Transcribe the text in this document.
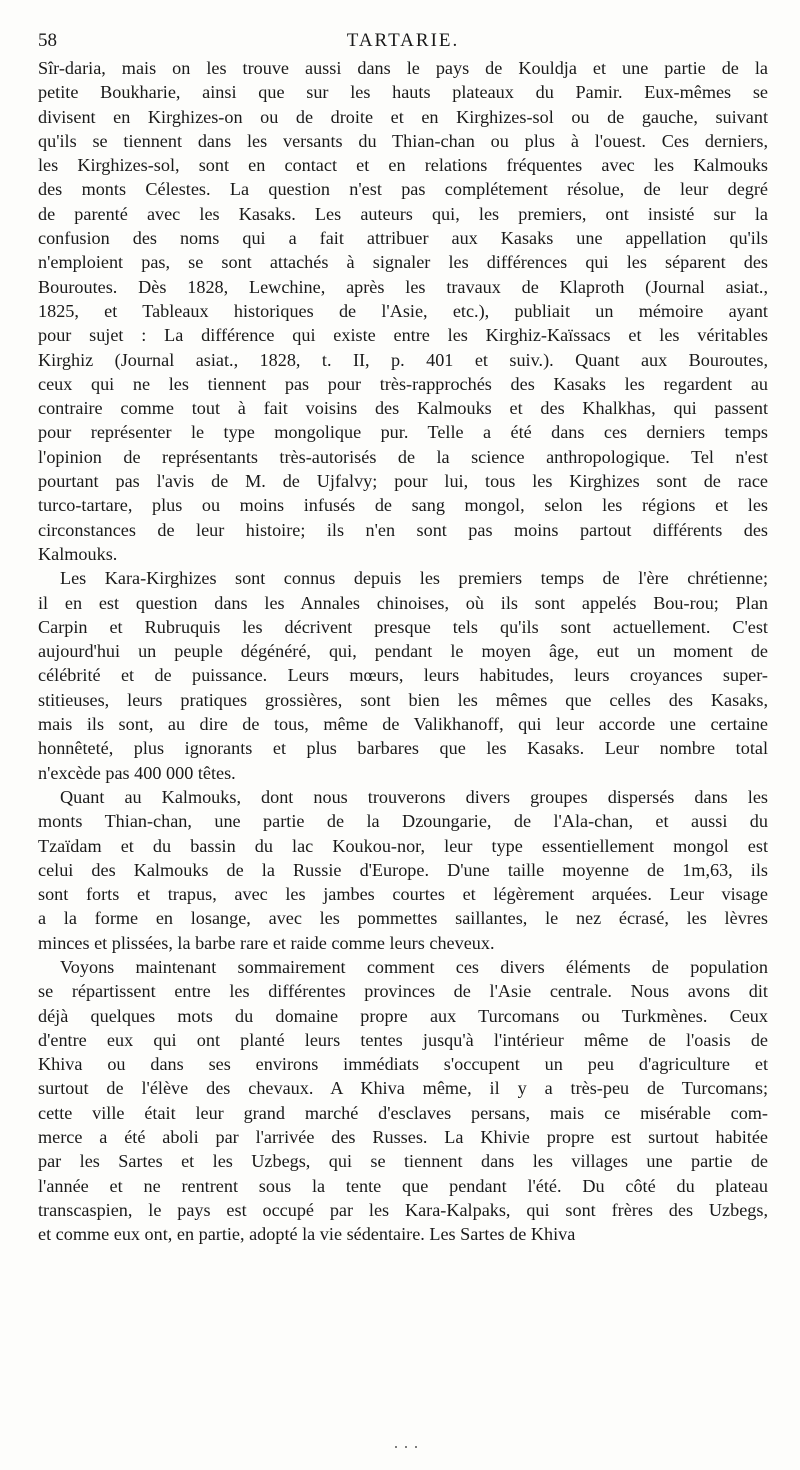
58	TARTARIE.
Sîr-daria, mais on les trouve aussi dans le pays de Kouldja et une partie de la
petite Boukharie, ainsi que sur les hauts plateaux du Pamir. Eux-mêmes se
divisent en Kirghizes-on ou de droite et en Kirghizes-sol ou de gauche, suivant
qu'ils se tiennent dans les versants du Thian-chan ou plus à l'ouest. Ces derniers,
les Kirghizes-sol, sont en contact et en relations fréquentes avec les Kalmouks
des monts Célestes. La question n'est pas complétement résolue, de leur degré
de parenté avec les Kasaks. Les auteurs qui, les premiers, ont insisté sur la
confusion des noms qui a fait attribuer aux Kasaks une appellation qu'ils
n'emploient pas, se sont attachés à signaler les différences qui les séparent des
Bouroutes. Dès 1828, Lewchine, après les travaux de Klaproth (Journal asiat.,
1825, et Tableaux historiques de l'Asie, etc.), publiait un mémoire ayant
pour sujet : La différence qui existe entre les Kirghiz-Kaïssacs et les véritables
Kirghiz (Journal asiat., 1828, t. II, p. 401 et suiv.). Quant aux Bouroutes,
ceux qui ne les tiennent pas pour très-rapprochés des Kasaks les regardent au
contraire comme tout à fait voisins des Kalmouks et des Khalkhas, qui passent
pour représenter le type mongolique pur. Telle a été dans ces derniers temps
l'opinion de représentants très-autorisés de la science anthropologique. Tel n'est
pourtant pas l'avis de M. de Ujfalvy; pour lui, tous les Kirghizes sont de race
turco-tartare, plus ou moins infusés de sang mongol, selon les régions et les
circonstances de leur histoire; ils n'en sont pas moins partout différents des
Kalmouks.
Les Kara-Kirghizes sont connus depuis les premiers temps de l'ère chrétienne;
il en est question dans les Annales chinoises, où ils sont appelés Bou-rou; Plan
Carpin et Rubruquis les décrivent presque tels qu'ils sont actuellement. C'est
aujourd'hui un peuple dégénéré, qui, pendant le moyen âge, eut un moment de
célébrité et de puissance. Leurs mœurs, leurs habitudes, leurs croyances super-
stitieuses, leurs pratiques grossières, sont bien les mêmes que celles des Kasaks,
mais ils sont, au dire de tous, même de Valikhanoff, qui leur accorde une certaine
honnêteté, plus ignorants et plus barbares que les Kasaks. Leur nombre total
n'excède pas 400 000 têtes.
Quant au Kalmouks, dont nous trouverons divers groupes dispersés dans les
monts Thian-chan, une partie de la Dzoungarie, de l'Ala-chan, et aussi du
Tzaïdam et du bassin du lac Koukou-nor, leur type essentiellement mongol est
celui des Kalmouks de la Russie d'Europe. D'une taille moyenne de 1m,63, ils
sont forts et trapus, avec les jambes courtes et légèrement arquées. Leur visage
a la forme en losange, avec les pommettes saillantes, le nez écrasé, les lèvres
minces et plissées, la barbe rare et raide comme leurs cheveux.
Voyons maintenant sommairement comment ces divers éléments de population
se répartissent entre les différentes provinces de l'Asie centrale. Nous avons dit
déjà quelques mots du domaine propre aux Turcomans ou Turkmènes. Ceux
d'entre eux qui ont planté leurs tentes jusqu'à l'intérieur même de l'oasis de
Khiva ou dans ses environs immédiats s'occupent un peu d'agriculture et
surtout de l'élève des chevaux. A Khiva même, il y a très-peu de Turcomans;
cette ville était leur grand marché d'esclaves persans, mais ce misérable com-
merce a été aboli par l'arrivée des Russes. La Khivie propre est surtout habitée
par les Sartes et les Uzbegs, qui se tiennent dans les villages une partie de
l'année et ne rentrent sous la tente que pendant l'été. Du côté du plateau
transcaspien, le pays est occupé par les Kara-Kalpaks, qui sont frères des Uzbegs,
et comme eux ont, en partie, adopté la vie sédentaire. Les Sartes de Khiva
